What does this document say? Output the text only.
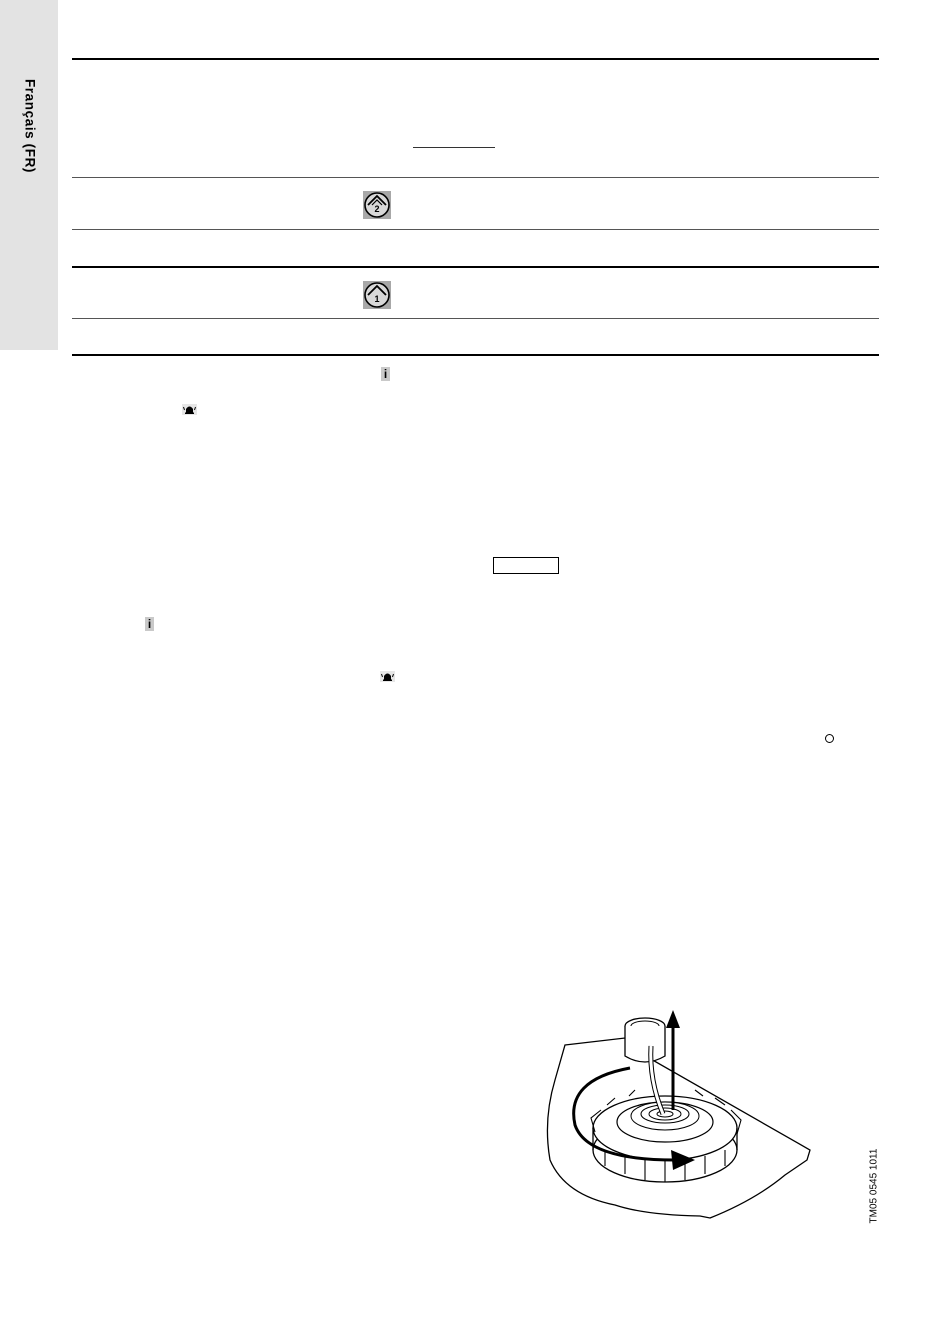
Français (FR)
2
1
i
i
TM05 0545 1011
